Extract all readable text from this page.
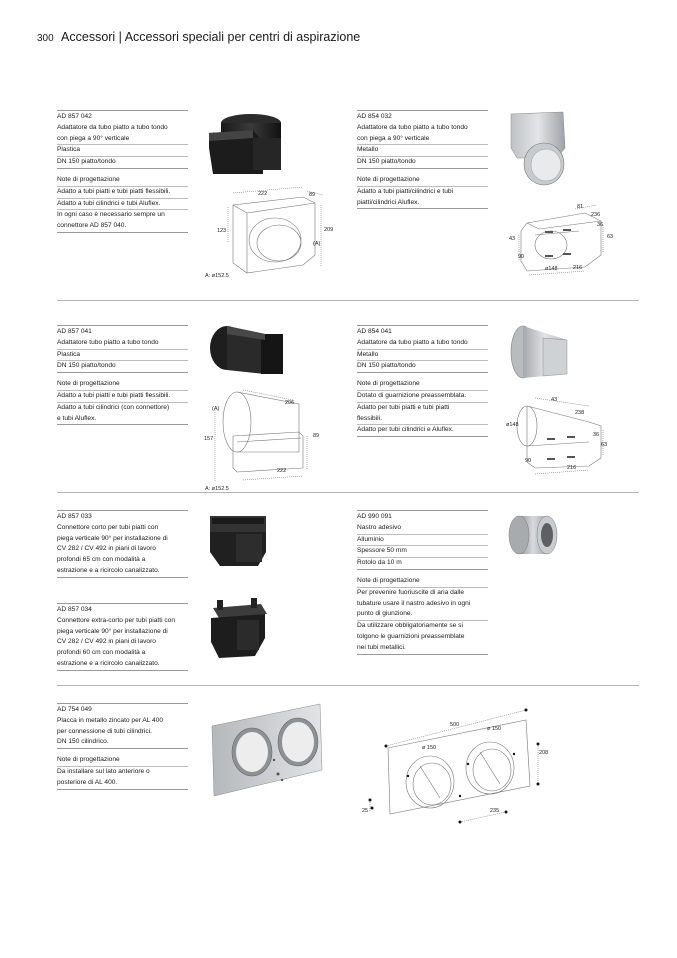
300 Accessori | Accessori speciali per centri di aspirazione
AD 857 042
Adattatore da tubo piatto a tubo tondo
con piega a 90° verticale
Plastica
DN 150 piatto/tondo
Note di progettazione
Adatto a tubi piatti e tubi piatti flessibili.
Adatto a tubi cilindrici e tubi Aluflex.
In ogni caso è necessario sempre un
connettore AD 857 040.
AD 854 032
Adattatore da tubo piatto a tubo tondo
con piega a 90° verticale
Metallo
DN 150 piatto/tondo
Note di progettazione
Adatto a tubi piatti/cilindrici e tubi
piatti/cilindrici Aluflex.
222	89
123	209
(A)
A: ø152.5
81
236
36
63
43
90
ø148	216
AD 857 041
Adattatore tubo piatto a tubo tondo
Plastica
DN 150 piatto/tondo
Note di progettazione
Adatto a tubi piatti e tubi piatti flessibili.
Adatto a tubi cilindrici (con connettore)
e tubi Aluflex.
AD 854 041
Adattatore da tubo piatto a tubo tondo
Metallo
DN 150 piatto/tondo
Note di progettazione
Dotato di guarnizione preassemblata.
Adatto per tubi piatti e tubi piatti
flessibili.
Adatto per tubi cilindrici e Aluflex.
(A)
206
157	89
222
A: ø152.5
43
238
ø148
36
63
90
216
AD 857 033
Connettore corto per tubi piatti con
piega verticale 90° per installazione di
CV 282 / CV 492 in piani di lavoro
profondi 65 cm con modalità a
estrazione e a ricircolo canalizzato.
AD 990 091
Nastro adesivo
Alluminio
Spessore 50 mm
Rotolo da 10 m
Note di progettazione
Per prevenire fuoriuscite di aria dalle
tubature usare il nastro adesivo in ogni
punto di giunzione.
Da utilizzare obbligatoriamente se si
tolgono le guarnizioni preassemblate
nei tubi metallici.
AD 857 034
Connettore extra-corto per tubi piatti con
piega verticale 90° per installazione di
CV 282 / CV 492 in piani di lavoro
profondi 60 cm con modalità a
estrazione e a ricircolo canalizzato.
AD 754 049
Placca in metallo zincato per AL 400
per connessione di tubi cilindrici.
DN 150 cilindrico.
Note di progettazione
Da installare sul lato anteriore o
posteriore di AL 400.
500
ø 150
ø 150
208
25	235
